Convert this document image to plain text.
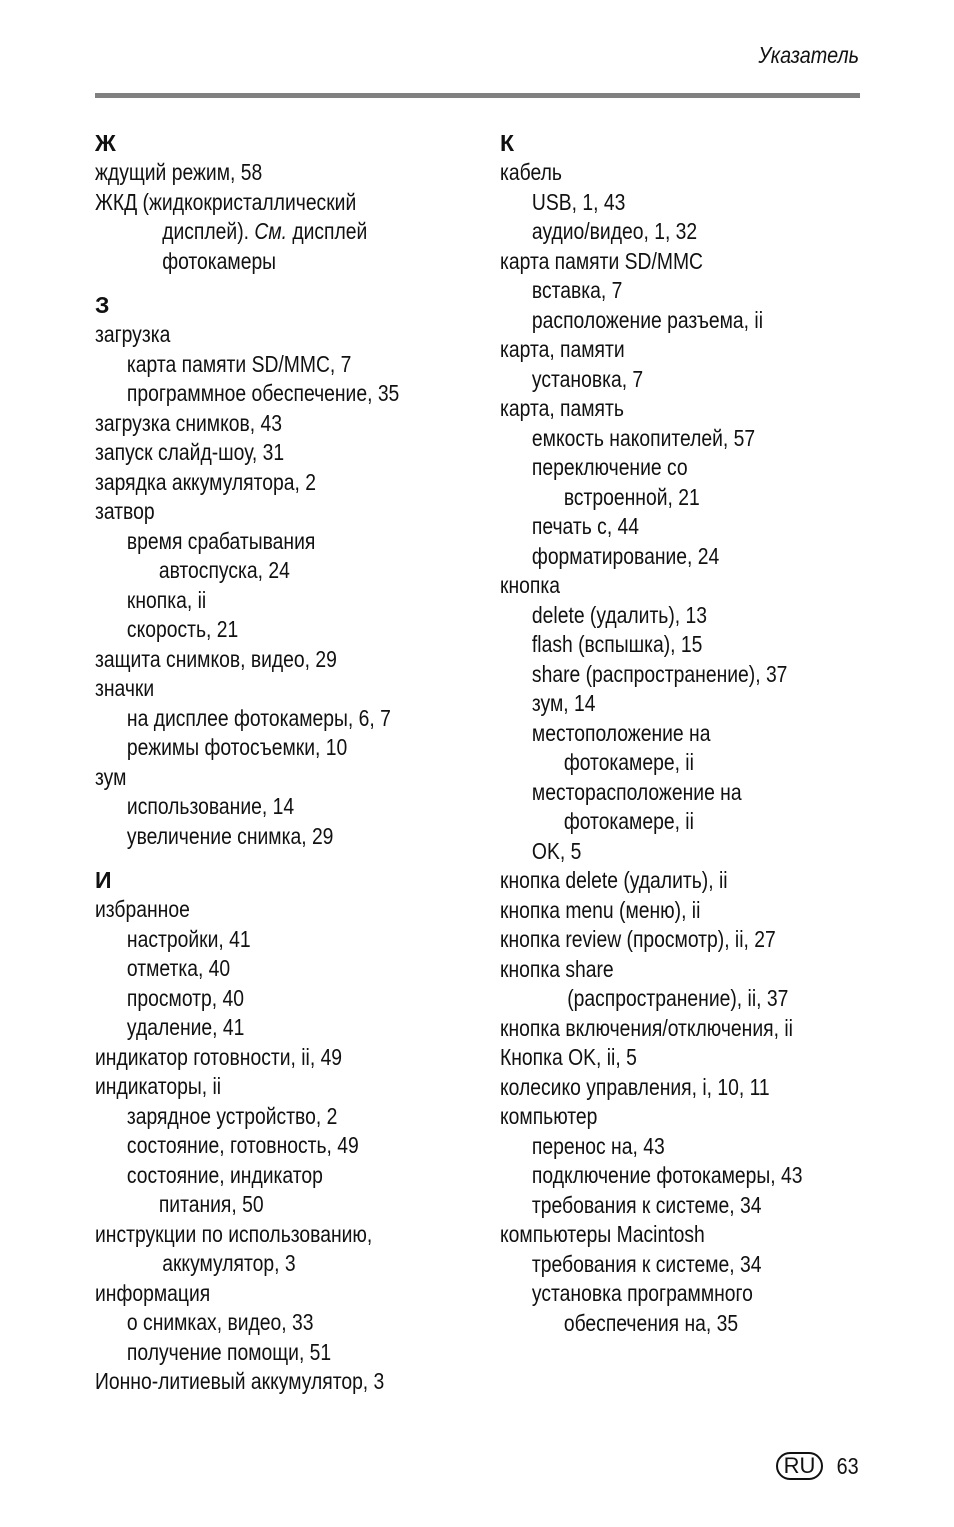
Указатель
Ж
ждущий режим, 58
ЖКД (жидкокристаллический
дисплей). См. дисплей
фотокамеры
З
загрузка
карта памяти SD/MMC, 7
программное обеспечение, 35
загрузка снимков, 43
запуск слайд-шоу, 31
зарядка аккумулятора, 2
затвор
время срабатывания
автоспуска, 24
кнопка, ii
скорость, 21
защита снимков, видео, 29
значки
на дисплее фотокамеры, 6, 7
режимы фотосъемки, 10
зум
использование, 14
увеличение снимка, 29
И
избранное
настройки, 41
отметка, 40
просмотр, 40
удаление, 41
индикатор готовности, ii, 49
индикаторы, ii
зарядное устройство, 2
состояние, готовность, 49
состояние, индикатор
питания, 50
инструкции по использованию,
аккумулятор, 3
информация
о снимках, видео, 33
получение помощи, 51
Ионно-литиевый аккумулятор, 3
К
кабель
USB, 1, 43
аудио/видео, 1, 32
карта памяти SD/MMC
вставка, 7
расположение разъема, ii
карта, памяти
установка, 7
карта, память
емкость накопителей, 57
переключение со
встроенной, 21
печать с, 44
форматирование, 24
кнопка
delete (удалить), 13
flash (вспышка), 15
share (распространение), 37
зум, 14
местоположение на
фотокамере, ii
месторасположение на
фотокамере, ii
OK, 5
кнопка delete (удалить), ii
кнопка menu (меню), ii
кнопка review (просмотр), ii, 27
кнопка share
(распространение), ii, 37
кнопка включения/отключения, ii
Кнопка OK, ii, 5
колесико управления, i, 10, 11
компьютер
перенос на, 43
подключение фотокамеры, 43
требования к системе, 34
компьютеры Macintosh
требования к системе, 34
установка программного
обеспечения на, 35
RU 63
